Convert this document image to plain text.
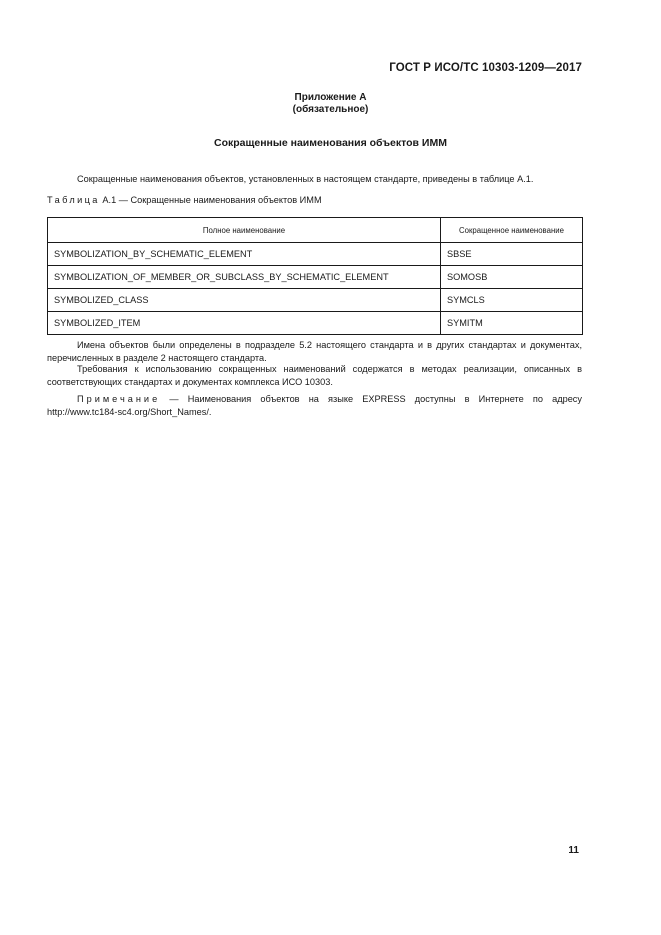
ГОСТ Р ИСО/ТС 10303-1209—2017
Приложение А
(обязательное)
Сокращенные наименования объектов ИММ
Сокращенные наименования объектов, установленных в настоящем стандарте, приведены в таблице А.1.
Таблица А.1 — Сокращенные наименования объектов ИММ
Полное наименование	Сокращенное наименование
SYMBOLIZATION_BY_SCHEMATIC_ELEMENT	SBSE
SYMBOLIZATION_OF_MEMBER_OR_SUBCLASS_BY_SCHEMATIC_ELEMENT	SOMOSB
SYMBOLIZED_CLASS	SYMCLS
SYMBOLIZED_ITEM	SYMITM
Имена объектов были определены в подразделе 5.2 настоящего стандарта и в других стандартах и документах, перечисленных в разделе 2 настоящего стандарта.
Требования к использованию сокращенных наименований содержатся в методах реализации, описанных в соответствующих стандартах и документах комплекса ИСО 10303.
Примечание — Наименования объектов на языке EXPRESS доступны в Интернете по адресу http://www.tc184-sc4.org/Short_Names/.
11
